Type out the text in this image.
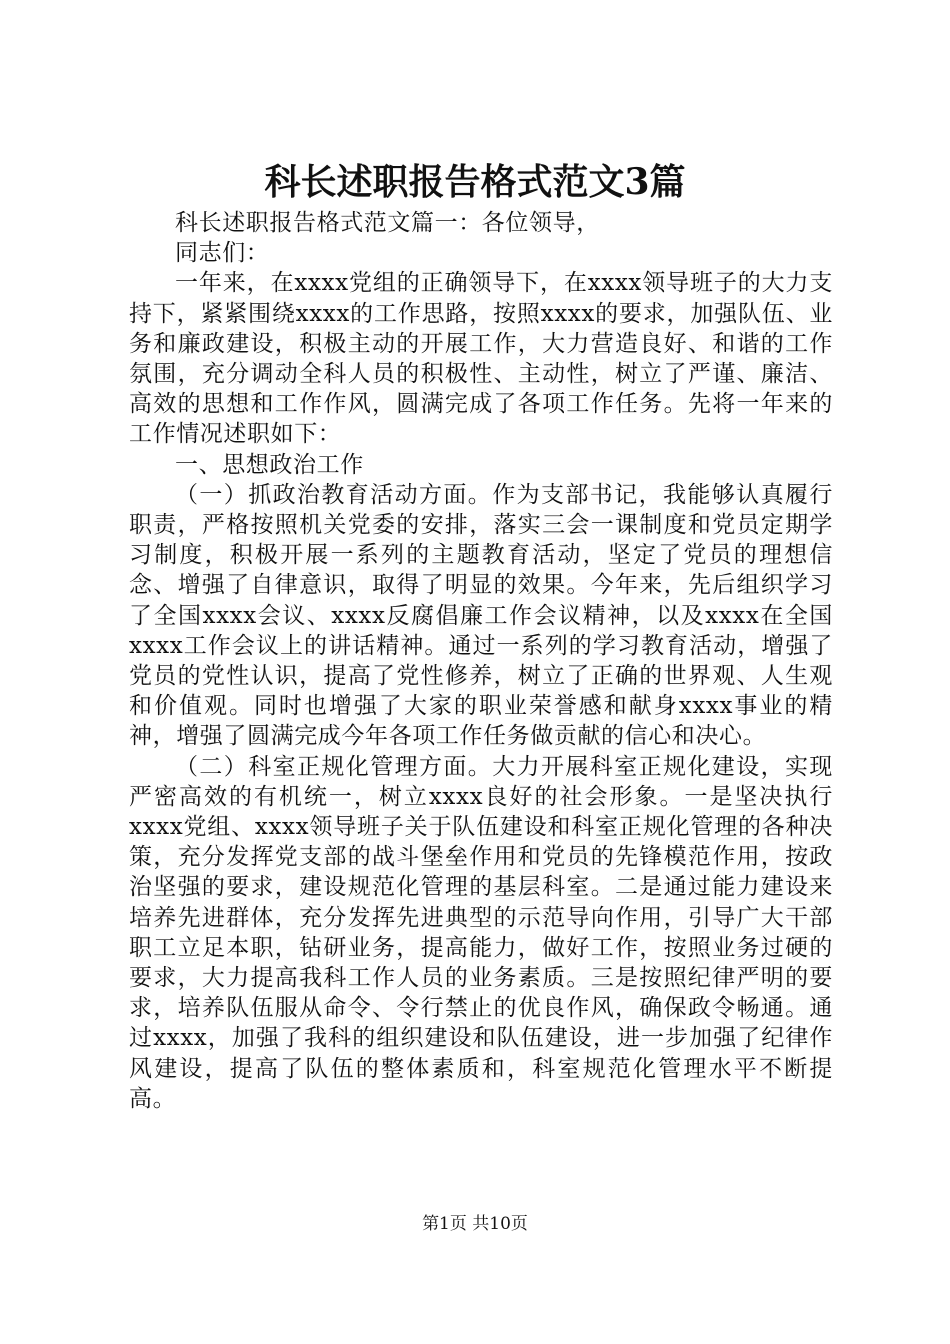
科长述职报告格式范文3篇

科长述职报告格式范文篇一：各位领导，

同志们：

一年来，在xxxx党组的正确领导下，在xxxx领导班子的大力支持下，紧紧围绕xxxx的工作思路，按照xxxx的要求，加强队伍、业务和廉政建设，积极主动的开展工作，大力营造良好、和谐的工作氛围，充分调动全科人员的积极性、主动性，树立了严谨、廉洁、高效的思想和工作作风，圆满完成了各项工作任务。先将一年来的工作情况述职如下：

一、思想政治工作

（一）抓政治教育活动方面。作为支部书记，我能够认真履行职责，严格按照机关党委的安排，落实三会一课制度和党员定期学习制度，积极开展一系列的主题教育活动，坚定了党员的理想信念、增强了自律意识，取得了明显的效果。今年来，先后组织学习了全国xxxx会议、xxxx反腐倡廉工作会议精神，以及xxxx在全国xxxx工作会议上的讲话精神。通过一系列的学习教育活动，增强了党员的党性认识，提高了党性修养，树立了正确的世界观、人生观和价值观。同时也增强了大家的职业荣誉感和献身xxxx事业的精神，增强了圆满完成今年各项工作任务做贡献的信心和决心。

（二）科室正规化管理方面。大力开展科室正规化建设，实现严密高效的有机统一，树立xxxx良好的社会形象。一是坚决执行xxxx党组、xxxx领导班子关于队伍建设和科室正规化管理的各种决策，充分发挥党支部的战斗堡垒作用和党员的先锋模范作用，按政治坚强的要求，建设规范化管理的基层科室。二是通过能力建设来培养先进群体，充分发挥先进典型的示范导向作用，引导广大干部职工立足本职，钻研业务，提高能力，做好工作，按照业务过硬的要求，大力提高我科工作人员的业务素质。三是按照纪律严明的要求，培养队伍服从命令、令行禁止的优良作风，确保政令畅通。通过xxxx，加强了我科的组织建设和队伍建设，进一步加强了纪律作风建设，提高了队伍的整体素质和，科室规范化管理水平不断提高。

第1页 共10页
